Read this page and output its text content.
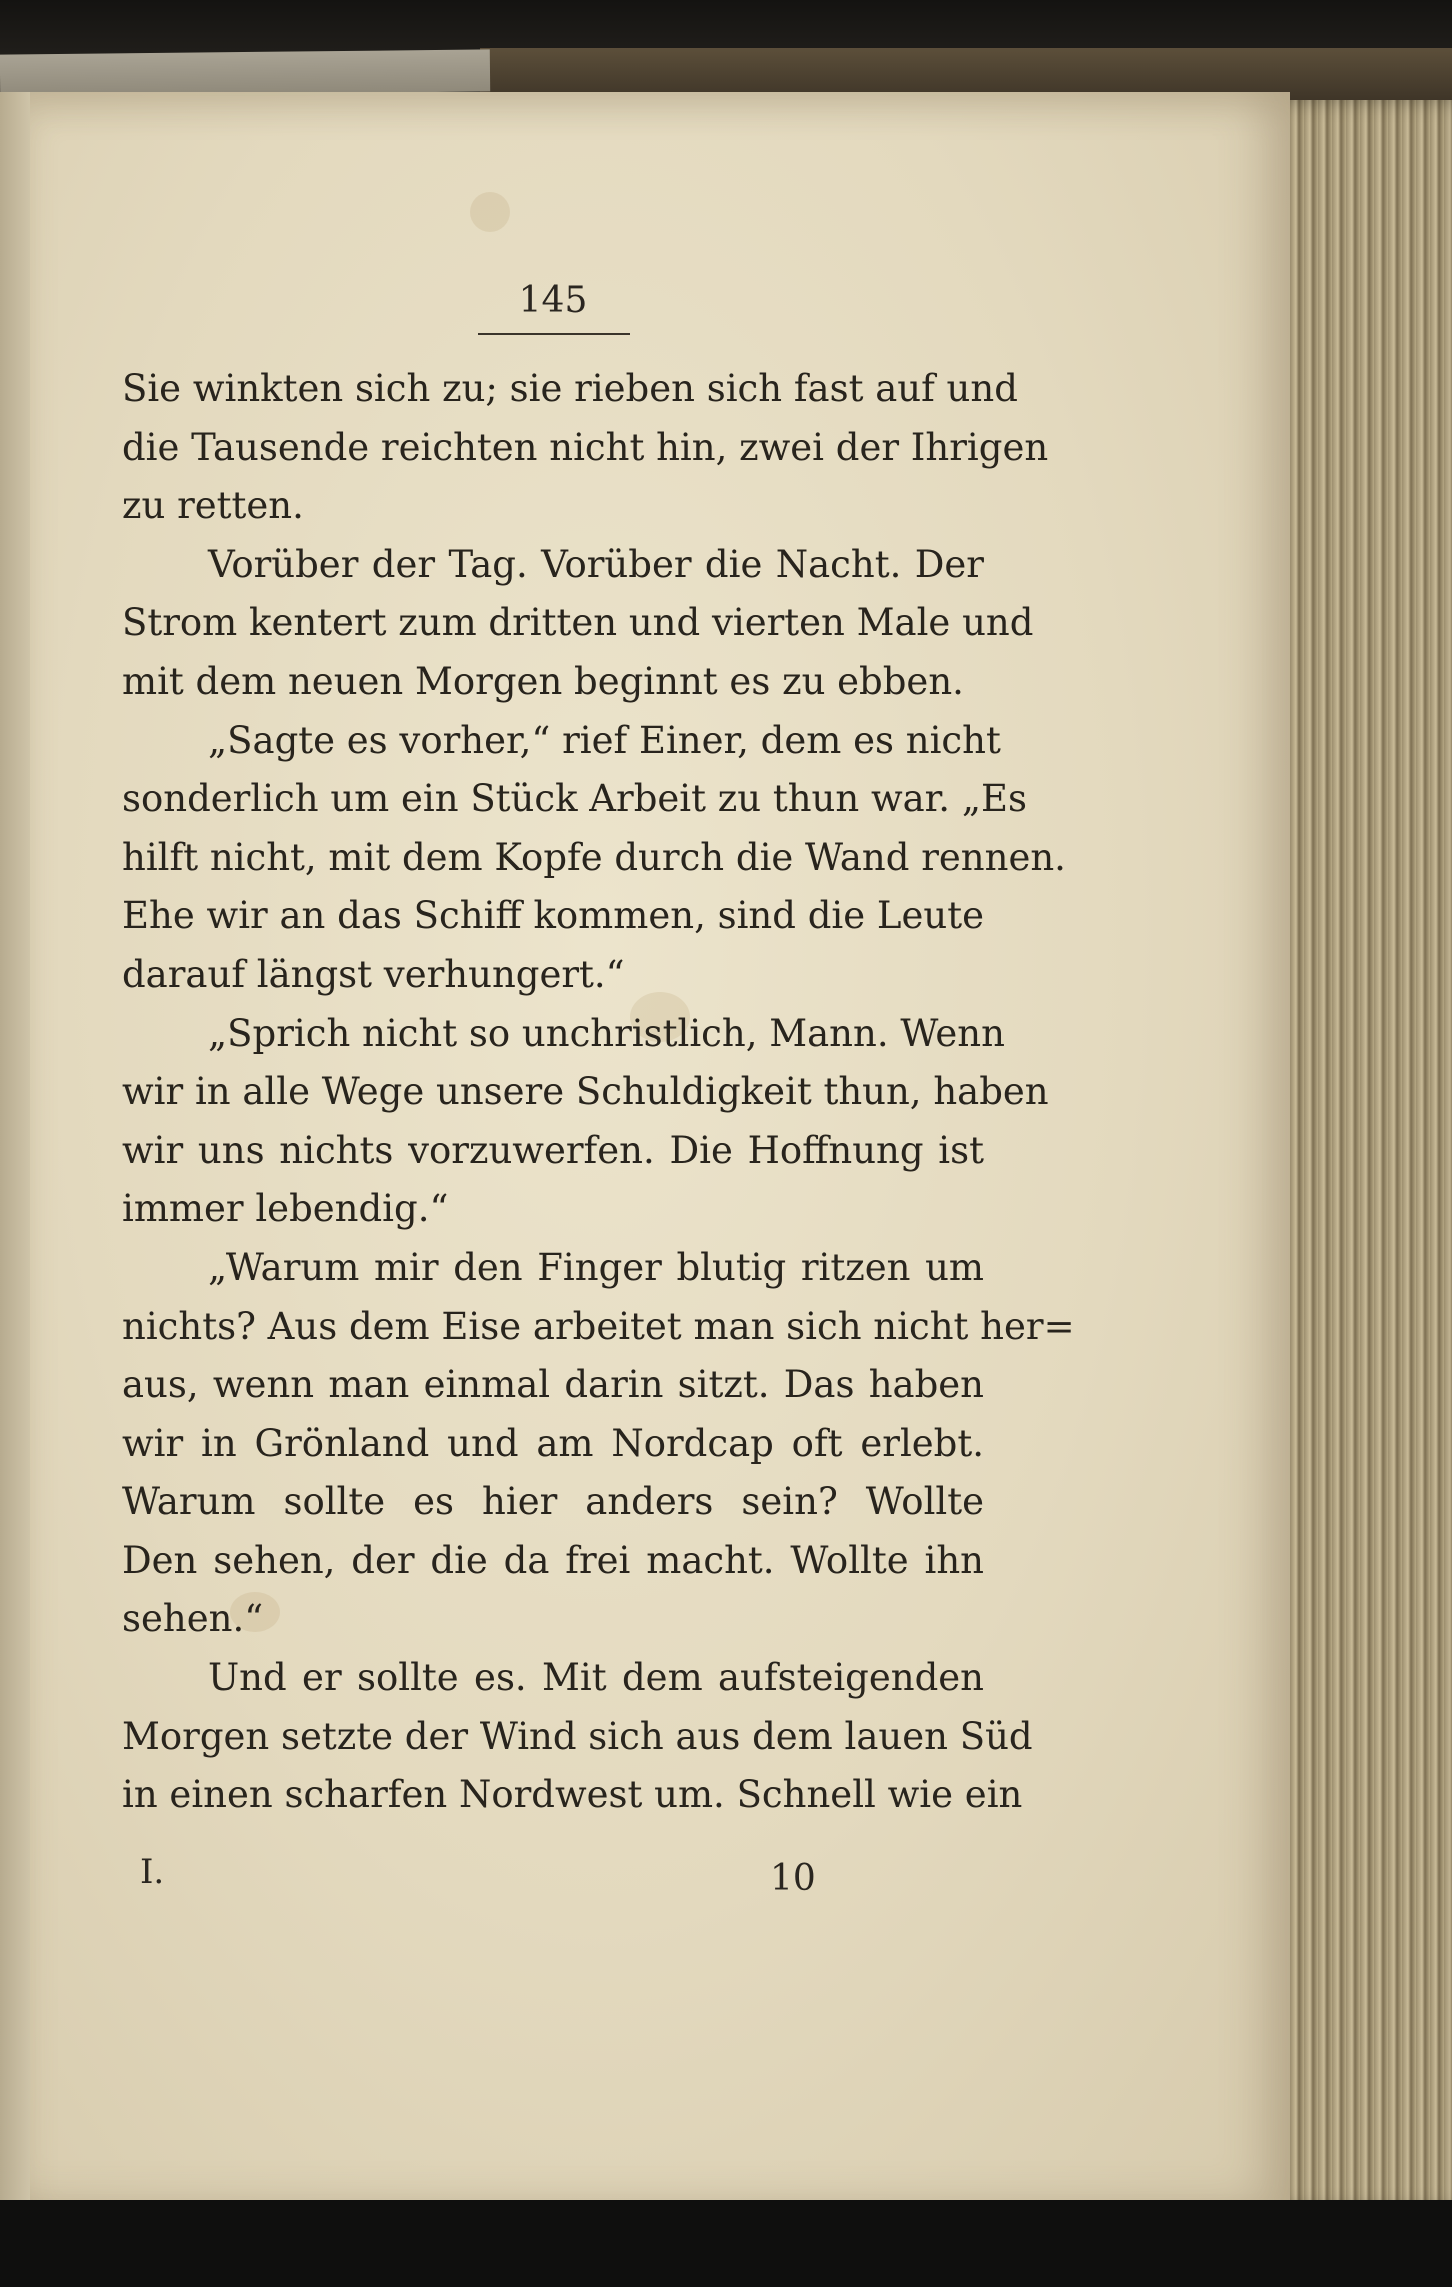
145
Sie winkten sich zu; sie rieben sich fast auf und
die Tausende reichten nicht hin, zwei der Ihrigen
zu retten.
Vorüber der Tag. Vorüber die Nacht. Der
Strom kentert zum dritten und vierten Male und
mit dem neuen Morgen beginnt es zu ebben.
„Sagte es vorher,“ rief Einer, dem es nicht
sonderlich um ein Stück Arbeit zu thun war. „Es
hilft nicht, mit dem Kopfe durch die Wand rennen.
Ehe wir an das Schiff kommen, sind die Leute
darauf längst verhungert.“
„Sprich nicht so unchristlich, Mann. Wenn
wir in alle Wege unsere Schuldigkeit thun, haben
wir uns nichts vorzuwerfen. Die Hoffnung ist
immer lebendig.“
„Warum mir den Finger blutig ritzen um
nichts? Aus dem Eise arbeitet man sich nicht her=
aus, wenn man einmal darin sitzt. Das haben
wir in Grönland und am Nordcap oft erlebt.
Warum sollte es hier anders sein? Wollte
Den sehen, der die da frei macht. Wollte ihn
sehen.“
Und er sollte es. Mit dem aufsteigenden
Morgen setzte der Wind sich aus dem lauen Süd
in einen scharfen Nordwest um. Schnell wie ein
I.	10
